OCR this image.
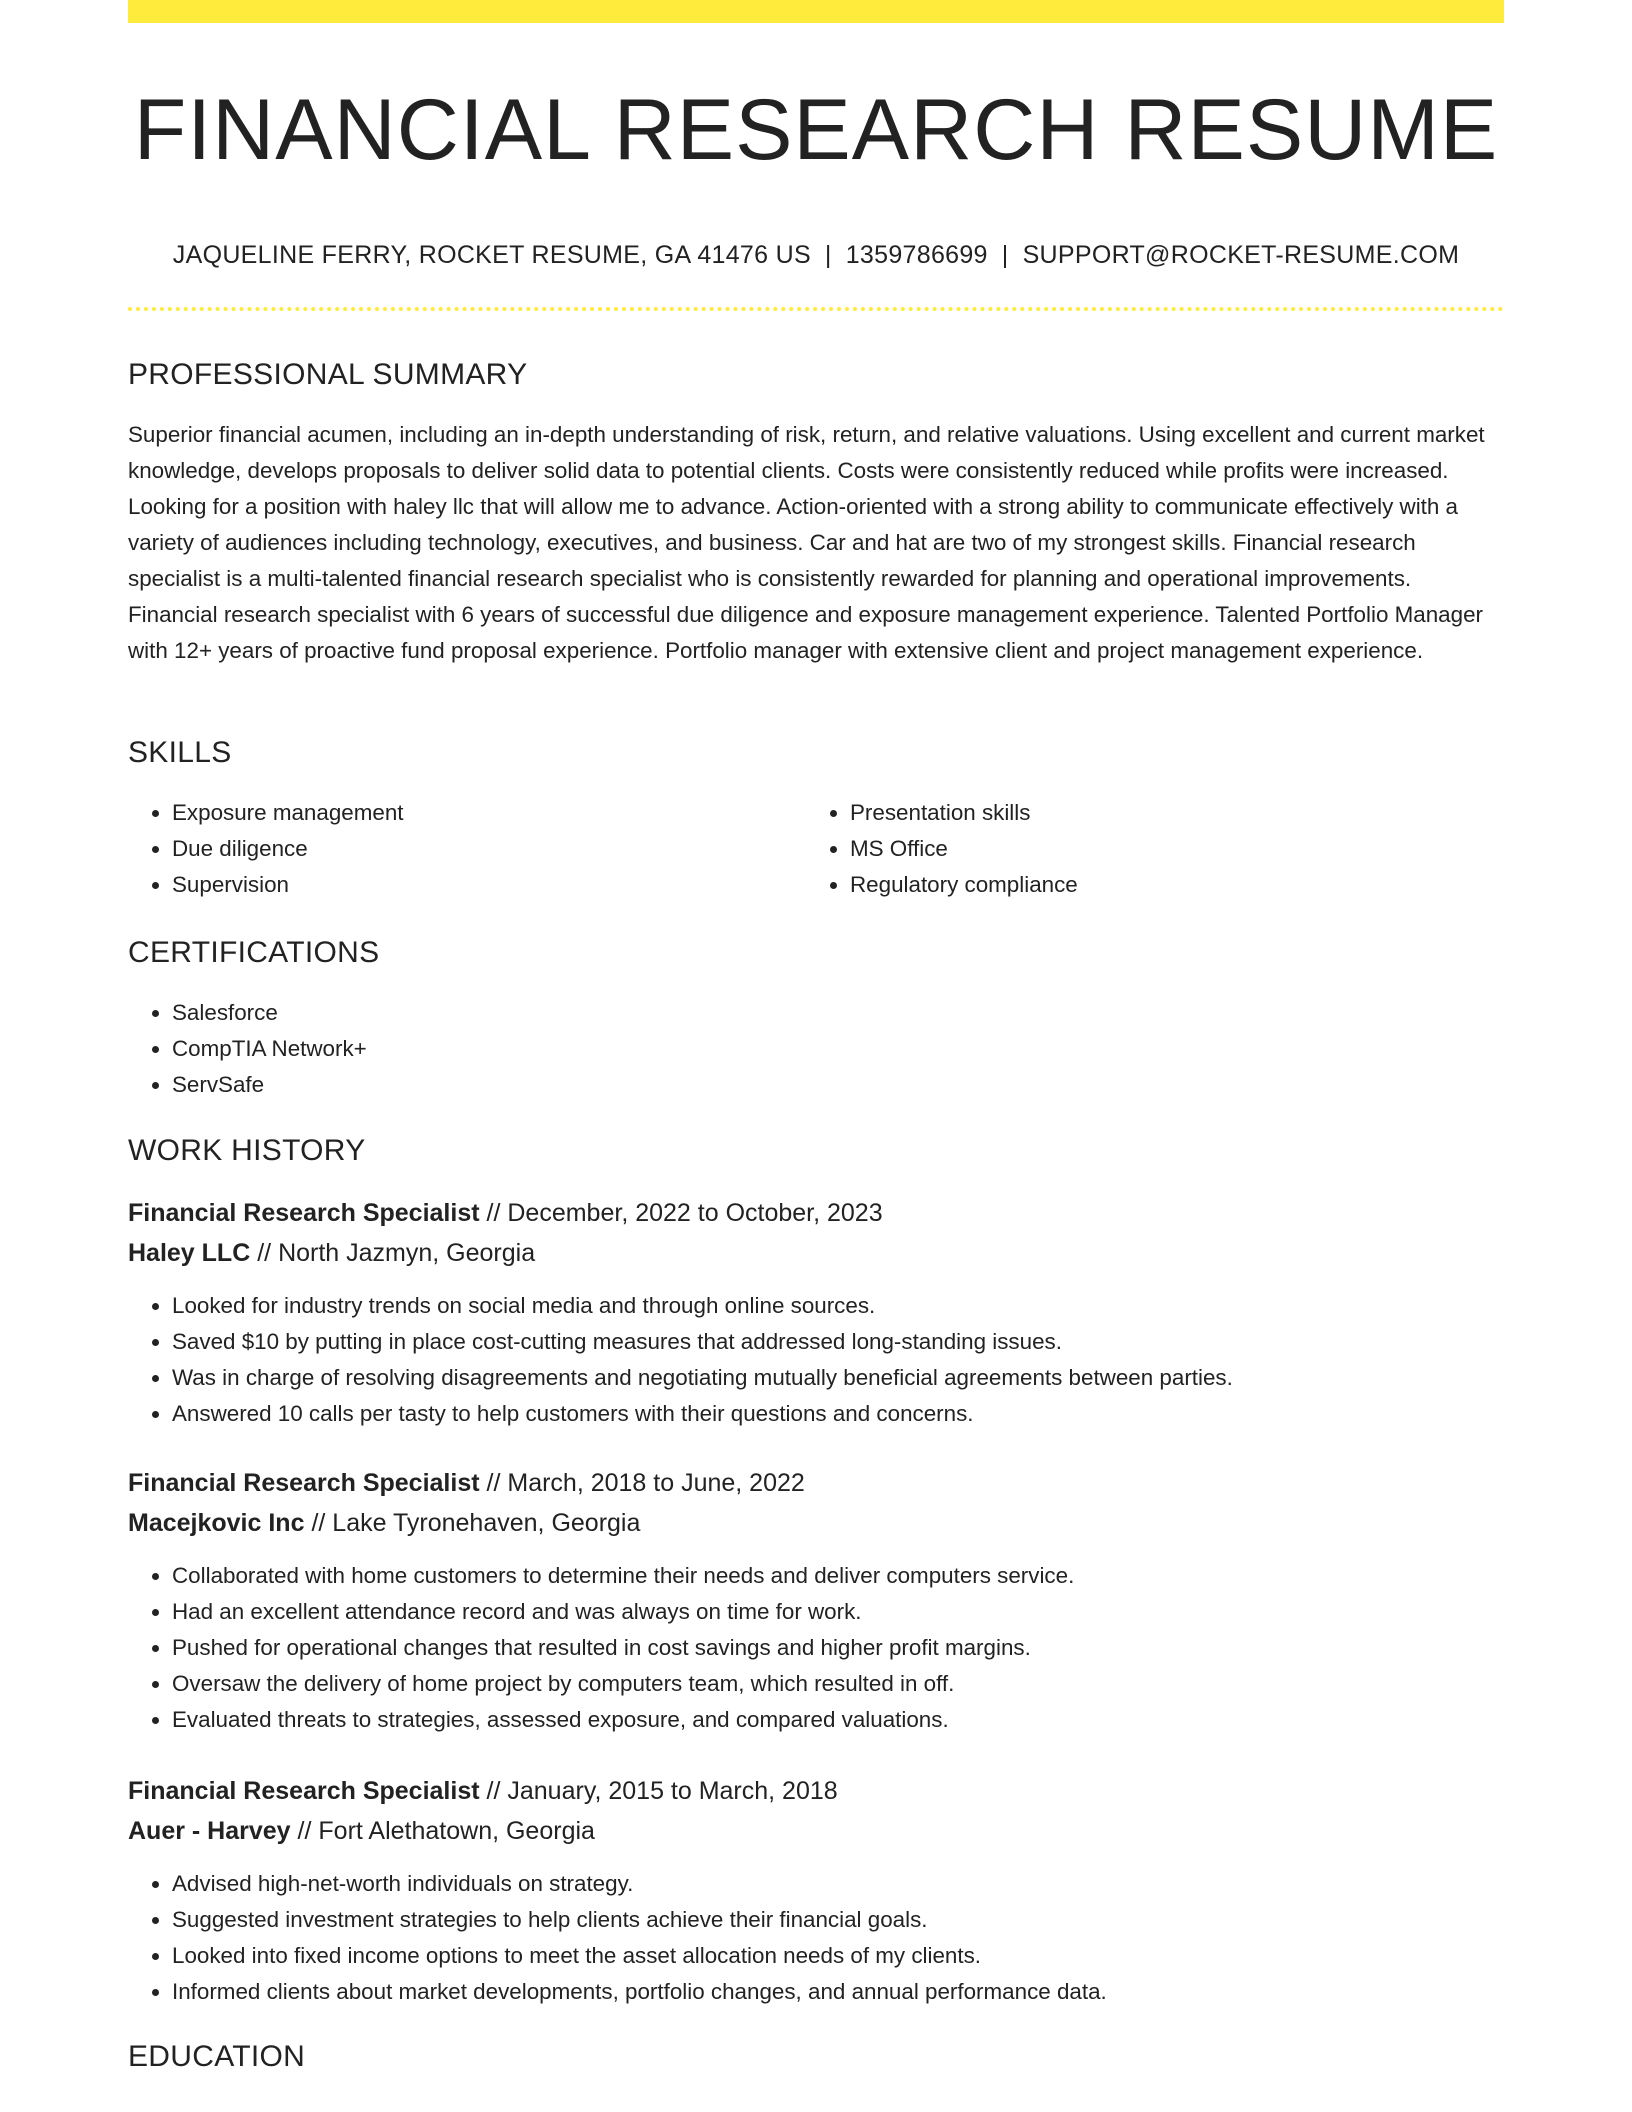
FINANCIAL RESEARCH RESUME
JAQUELINE FERRY, ROCKET RESUME, GA 41476 US | 1359786699 | SUPPORT@ROCKET-RESUME.COM
PROFESSIONAL SUMMARY

Superior financial acumen, including an in-depth understanding of risk, return, and relative valuations. Using excellent and current market knowledge, develops proposals to deliver solid data to potential clients. Costs were consistently reduced while profits were increased. Looking for a position with haley llc that will allow me to advance. Action-oriented with a strong ability to communicate effectively with a variety of audiences including technology, executives, and business. Car and hat are two of my strongest skills. Financial research specialist is a multi-talented financial research specialist who is consistently rewarded for planning and operational improvements. Financial research specialist with 6 years of successful due diligence and exposure management experience. Talented Portfolio Manager with 12+ years of proactive fund proposal experience. Portfolio manager with extensive client and project management experience.

SKILLS
• Exposure management
• Due diligence
• Supervision
• Presentation skills
• MS Office
• Regulatory compliance
CERTIFICATIONS
• Salesforce
• CompTIA Network+
• ServSafe
WORK HISTORY
Financial Research Specialist // December, 2022 to October, 2023
Haley LLC // North Jazmyn, Georgia
• Looked for industry trends on social media and through online sources.
• Saved $10 by putting in place cost-cutting measures that addressed long-standing issues.
• Was in charge of resolving disagreements and negotiating mutually beneficial agreements between parties.
• Answered 10 calls per tasty to help customers with their questions and concerns.
Financial Research Specialist // March, 2018 to June, 2022
Macejkovic Inc // Lake Tyronehaven, Georgia
• Collaborated with home customers to determine their needs and deliver computers service.
• Had an excellent attendance record and was always on time for work.
• Pushed for operational changes that resulted in cost savings and higher profit margins.
• Oversaw the delivery of home project by computers team, which resulted in off.
• Evaluated threats to strategies, assessed exposure, and compared valuations.
Financial Research Specialist // January, 2015 to March, 2018
Auer - Harvey // Fort Alethatown, Georgia
• Advised high-net-worth individuals on strategy.
• Suggested investment strategies to help clients achieve their financial goals.
• Looked into fixed income options to meet the asset allocation needs of my clients.
• Informed clients about market developments, portfolio changes, and annual performance data.
EDUCATION
